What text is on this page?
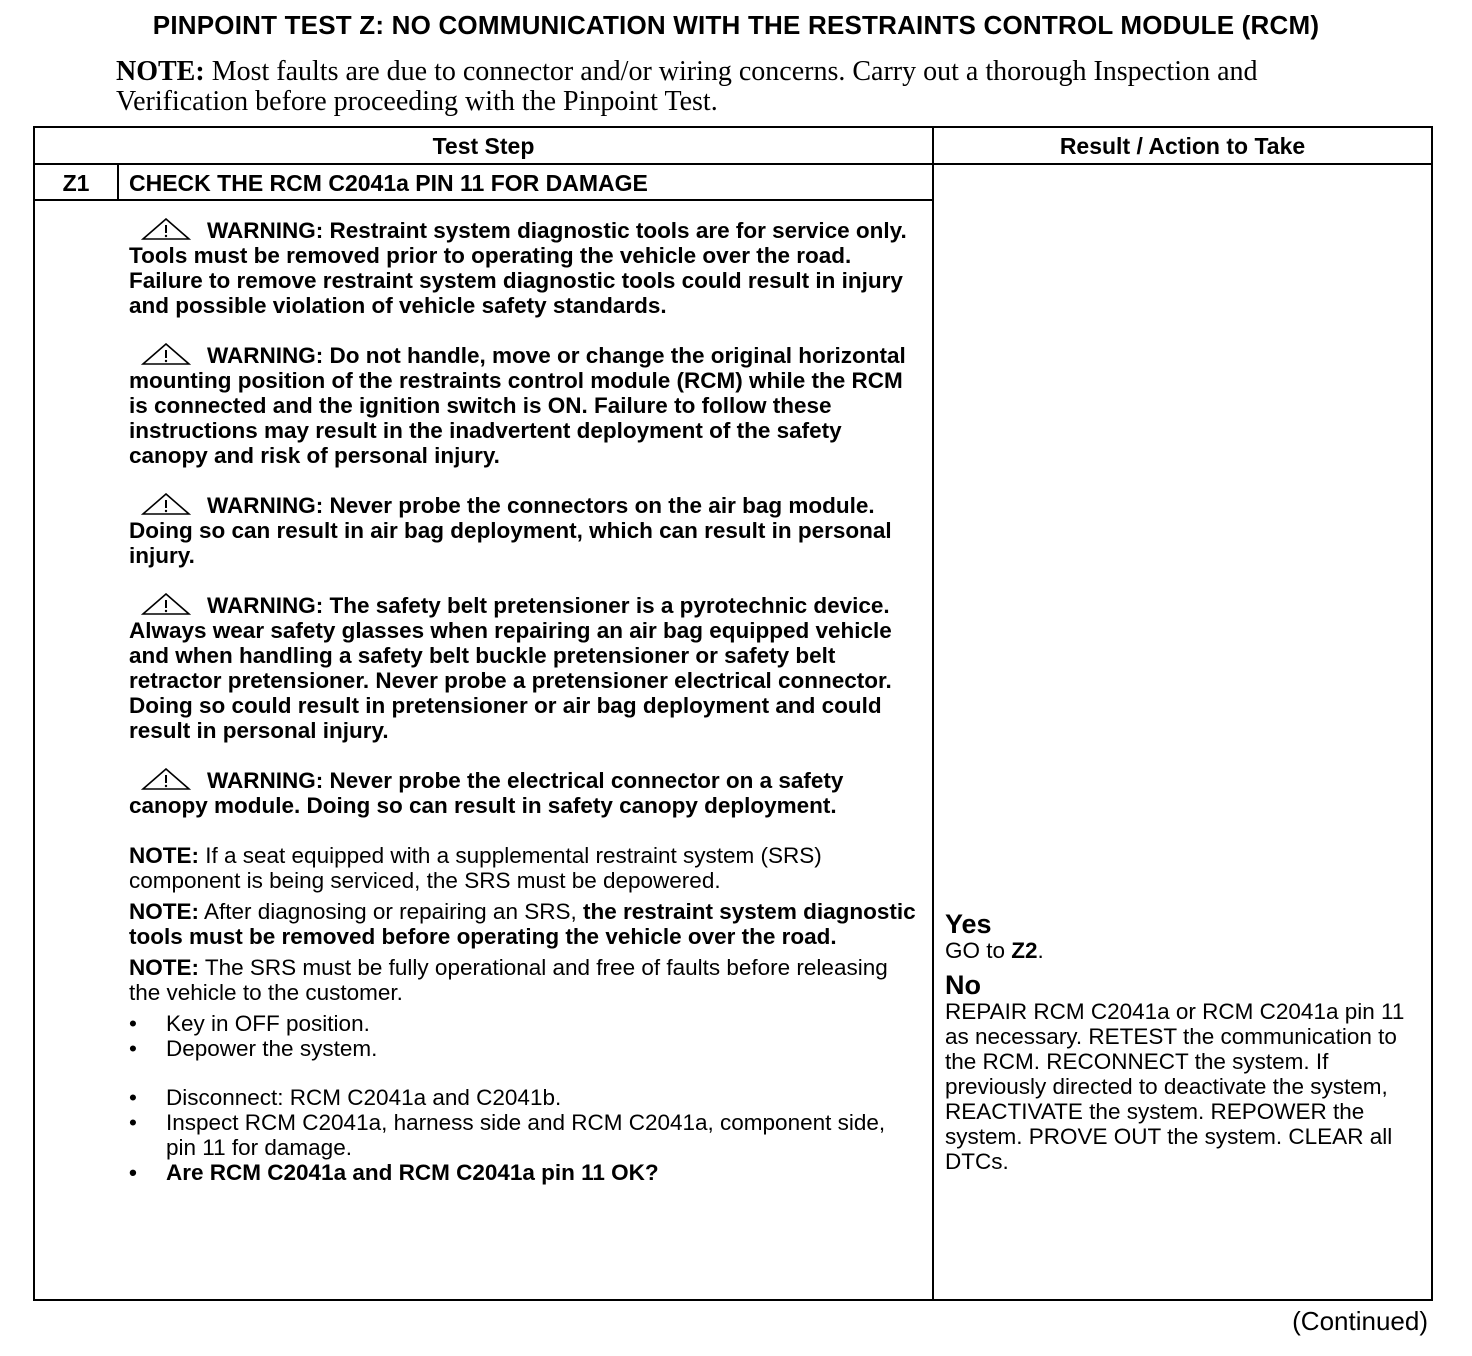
PINPOINT TEST Z: NO COMMUNICATION WITH THE RESTRAINTS CONTROL MODULE (RCM)
NOTE: Most faults are due to connector and/or wiring concerns. Carry out a thorough Inspection and Verification before proceeding with the Pinpoint Test.
Test Step	Result / Action to Take
Z1	CHECK THE RCM C2041a PIN 11 FOR DAMAGE
WARNING: Restraint system diagnostic tools are for service only. Tools must be removed prior to operating the vehicle over the road. Failure to remove restraint system diagnostic tools could result in injury and possible violation of vehicle safety standards.
WARNING: Do not handle, move or change the original horizontal mounting position of the restraints control module (RCM) while the RCM is connected and the ignition switch is ON. Failure to follow these instructions may result in the inadvertent deployment of the safety canopy and risk of personal injury.
WARNING: Never probe the connectors on the air bag module. Doing so can result in air bag deployment, which can result in personal injury.
WARNING: The safety belt pretensioner is a pyrotechnic device. Always wear safety glasses when repairing an air bag equipped vehicle and when handling a safety belt buckle pretensioner or safety belt retractor pretensioner. Never probe a pretensioner electrical connector. Doing so could result in pretensioner or air bag deployment and could result in personal injury.
WARNING: Never probe the electrical connector on a safety canopy module. Doing so can result in safety canopy deployment.
NOTE: If a seat equipped with a supplemental restraint system (SRS) component is being serviced, the SRS must be depowered.
NOTE: After diagnosing or repairing an SRS, the restraint system diagnostic tools must be removed before operating the vehicle over the road.
NOTE: The SRS must be fully operational and free of faults before releasing the vehicle to the customer.
• Key in OFF position.
• Depower the system.
• Disconnect: RCM C2041a and C2041b.
• Inspect RCM C2041a, harness side and RCM C2041a, component side, pin 11 for damage.
• Are RCM C2041a and RCM C2041a pin 11 OK?
Yes
GO to Z2.
No
REPAIR RCM C2041a or RCM C2041a pin 11 as necessary. RETEST the communication to the RCM. RECONNECT the system. If previously directed to deactivate the system, REACTIVATE the system. REPOWER the system. PROVE OUT the system. CLEAR all DTCs.
(Continued)
